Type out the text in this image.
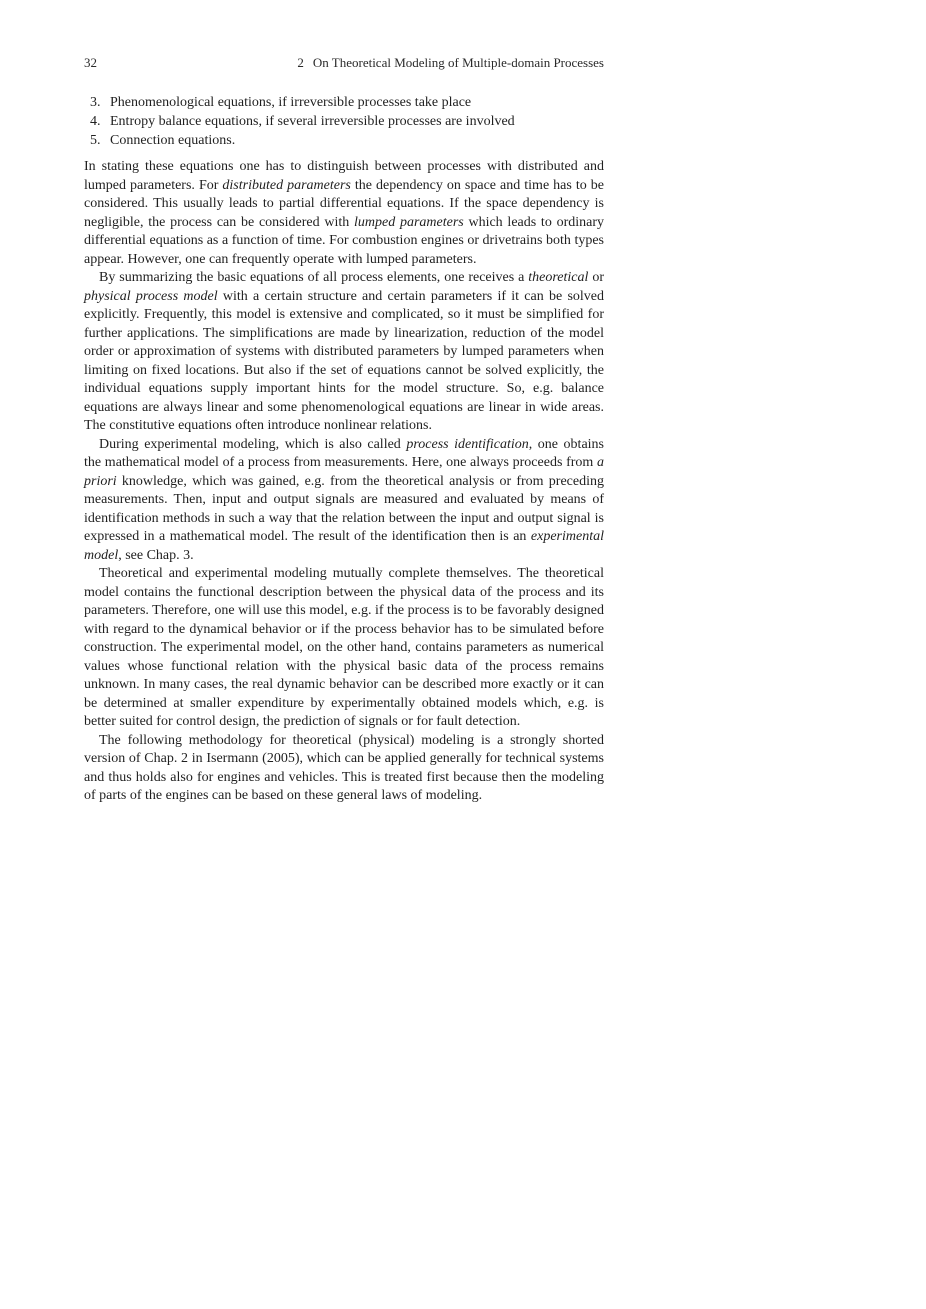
32	2 On Theoretical Modeling of Multiple-domain Processes
3. Phenomenological equations, if irreversible processes take place
4. Entropy balance equations, if several irreversible processes are involved
5. Connection equations.

In stating these equations one has to distinguish between processes with distributed and lumped parameters. For distributed parameters the dependency on space and time has to be considered. This usually leads to partial differential equations. If the space dependency is negligible, the process can be considered with lumped parameters which leads to ordinary differential equations as a function of time. For combustion engines or drivetrains both types appear. However, one can frequently operate with lumped parameters.

By summarizing the basic equations of all process elements, one receives a theoretical or physical process model with a certain structure and certain parameters if it can be solved explicitly. Frequently, this model is extensive and complicated, so it must be simplified for further applications. The simplifications are made by linearization, reduction of the model order or approximation of systems with distributed parameters by lumped parameters when limiting on fixed locations. But also if the set of equations cannot be solved explicitly, the individual equations supply important hints for the model structure. So, e.g. balance equations are always linear and some phenomenological equations are linear in wide areas. The constitutive equations often introduce nonlinear relations.

During experimental modeling, which is also called process identification, one obtains the mathematical model of a process from measurements. Here, one always proceeds from a priori knowledge, which was gained, e.g. from the theoretical analysis or from preceding measurements. Then, input and output signals are measured and evaluated by means of identification methods in such a way that the relation between the input and output signal is expressed in a mathematical model. The result of the identification then is an experimental model, see Chap. 3.

Theoretical and experimental modeling mutually complete themselves. The theoretical model contains the functional description between the physical data of the process and its parameters. Therefore, one will use this model, e.g. if the process is to be favorably designed with regard to the dynamical behavior or if the process behavior has to be simulated before construction. The experimental model, on the other hand, contains parameters as numerical values whose functional relation with the physical basic data of the process remains unknown. In many cases, the real dynamic behavior can be described more exactly or it can be determined at smaller expenditure by experimentally obtained models which, e.g. is better suited for control design, the prediction of signals or for fault detection.

The following methodology for theoretical (physical) modeling is a strongly shorted version of Chap. 2 in Isermann (2005), which can be applied generally for technical systems and thus holds also for engines and vehicles. This is treated first because then the modeling of parts of the engines can be based on these general laws of modeling.
